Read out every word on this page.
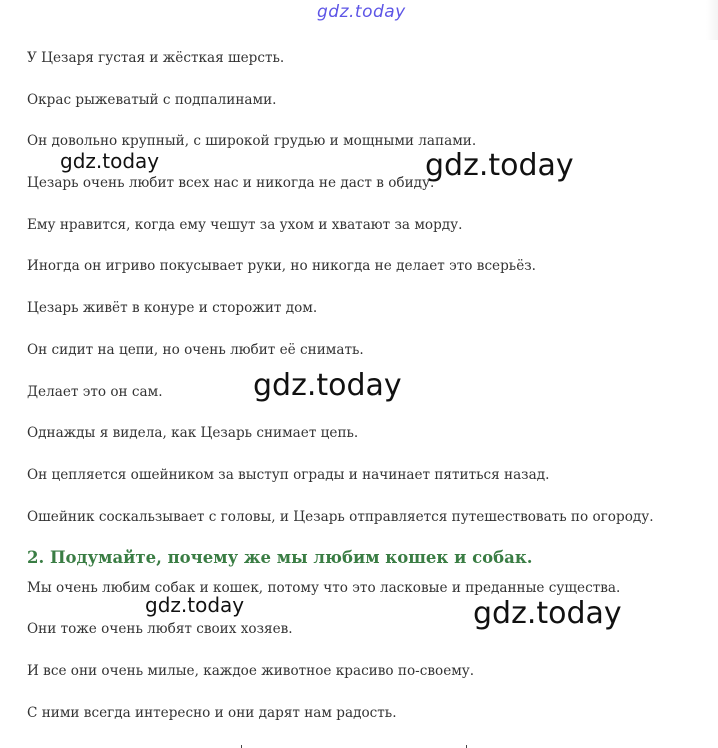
gdz.today

У Цезаря густая и жёсткая шерсть.

Окрас рыжеватый с подпалинами.

Он довольно крупный, с широкой грудью и мощными лапами.

Цезарь очень любит всех нас и никогда не даст в обиду.

Ему нравится, когда ему чешут за ухом и хватают за морду.

Иногда он игриво покусывает руки, но никогда не делает это всерьёз.

Цезарь живёт в конуре и сторожит дом.

Он сидит на цепи, но очень любит её снимать.

Делает это он сам.

Однажды я видела, как Цезарь снимает цепь.

Он цепляется ошейником за выступ ограды и начинает пятиться назад.

Ошейник соскальзывает с головы, и Цезарь отправляется путешествовать по огороду.

2. Подумайте, почему же мы любим кошек и собак.

Мы очень любим собак и кошек, потому что это ласковые и преданные существа.

Они тоже очень любят своих хозяев.

И все они очень милые, каждое животное красиво по-своему.

С ними всегда интересно и они дарят нам радость.

gdz.today	gdz.today
gdz.today
gdz.today	gdz.today
